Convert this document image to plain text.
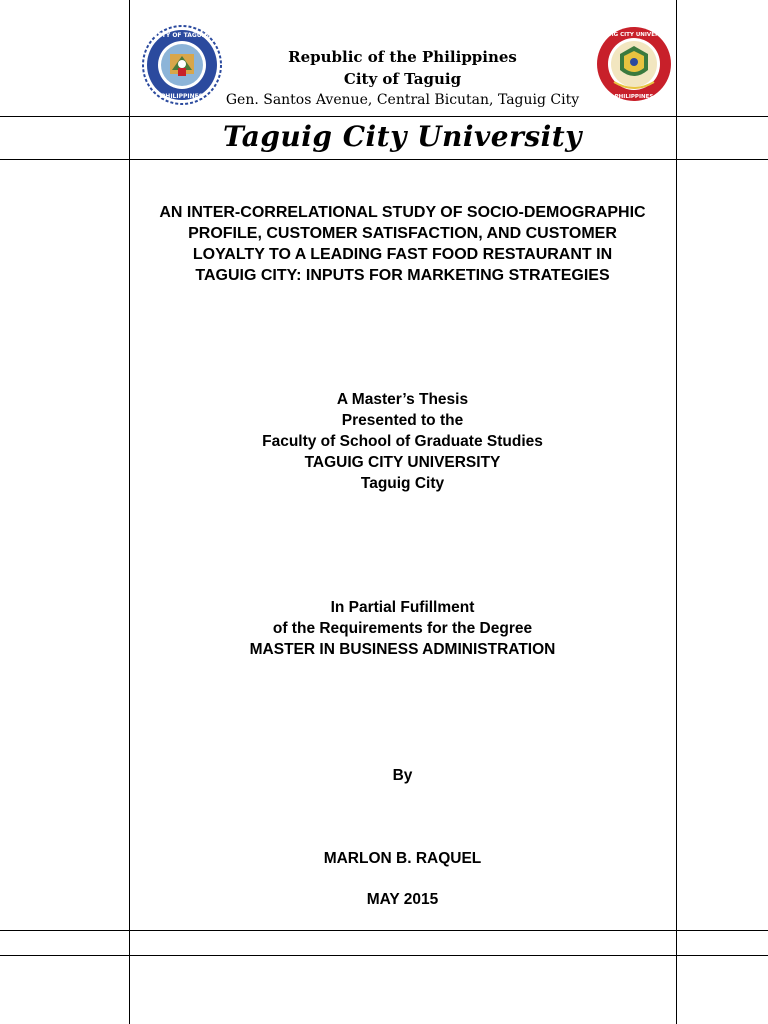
CITY OF TAGUIG
PHILIPPINES
TAGUIG CITY UNIVERSITY
PHILIPPINES
Republic of the Philippines
City of Taguig
Gen. Santos Avenue, Central Bicutan, Taguig City
Taguig City University
AN INTER-CORRELATIONAL STUDY OF SOCIO-DEMOGRAPHIC
PROFILE, CUSTOMER SATISFACTION, AND CUSTOMER
LOYALTY TO A LEADING FAST FOOD RESTAURANT IN
TAGUIG CITY: INPUTS FOR MARKETING STRATEGIES
A Master’s Thesis
Presented to the
Faculty of School of Graduate Studies
TAGUIG CITY UNIVERSITY
Taguig City
In Partial Fufillment
of the Requirements for the Degree
MASTER IN BUSINESS ADMINISTRATION
By
MARLON B. RAQUEL
MAY 2015
